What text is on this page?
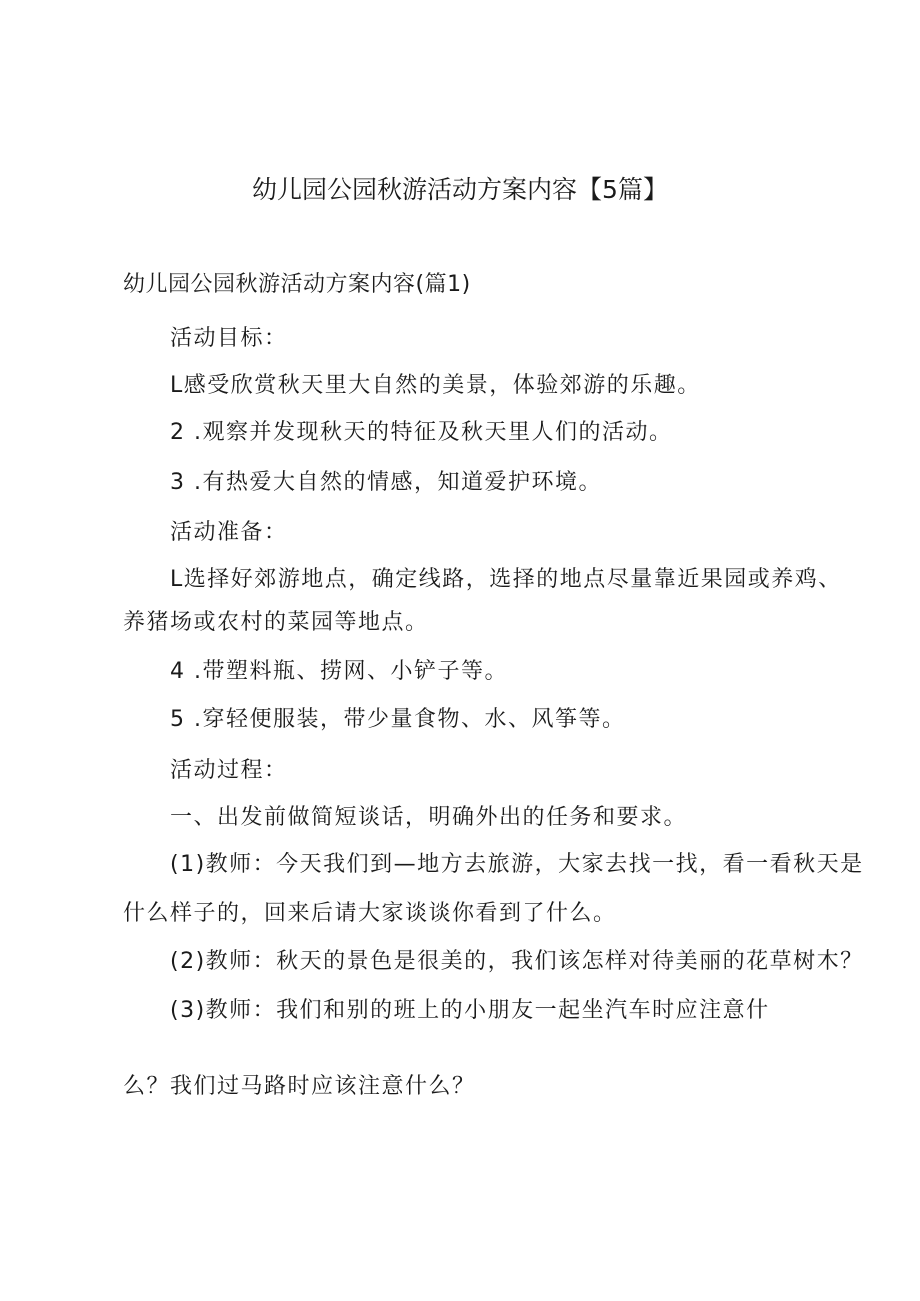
幼儿园公园秋游活动方案内容【5篇】
幼儿园公园秋游活动方案内容(篇1)
活动目标：
L感受欣赏秋天里大自然的美景，体验郊游的乐趣。
2 .观察并发现秋天的特征及秋天里人们的活动。
3 .有热爱大自然的情感，知道爱护环境。
活动准备：
L选择好郊游地点，确定线路，选择的地点尽量靠近果园或养鸡、
养猪场或农村的菜园等地点。
4 .带塑料瓶、捞网、小铲子等。
5 .穿轻便服装，带少量食物、水、风筝等。
活动过程：
一、出发前做简短谈话，明确外出的任务和要求。
(1)教师：今天我们到—地方去旅游，大家去找一找，看一看秋天是
什么样子的，回来后请大家谈谈你看到了什么。
(2)教师：秋天的景色是很美的，我们该怎样对待美丽的花草树木？
(3)教师：我们和别的班上的小朋友一起坐汽车时应注意什
么？我们过马路时应该注意什么？
